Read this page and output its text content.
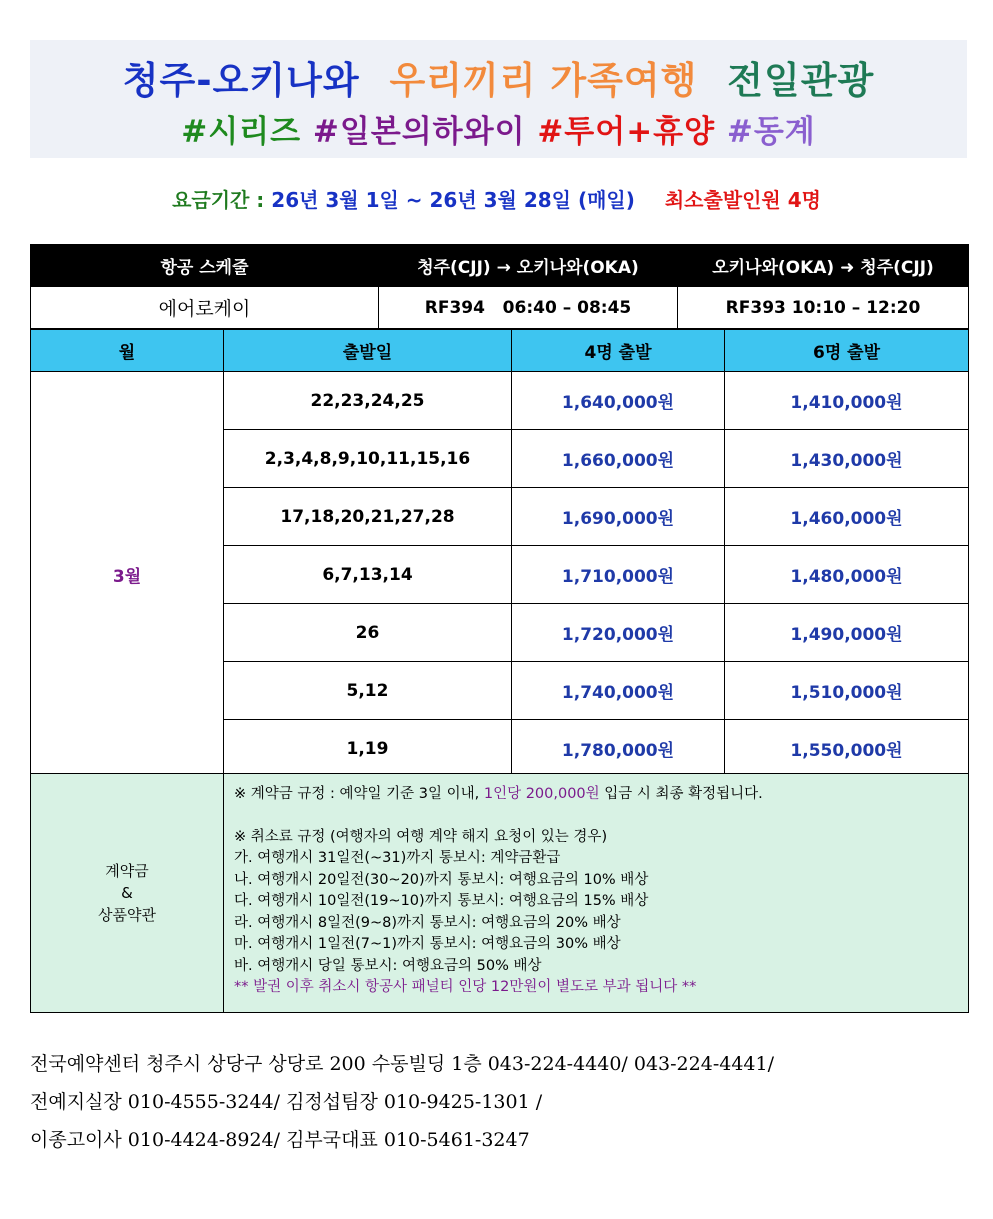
청주-오키나와 우리끼리 가족여행 전일관광
#시리즈 #일본의하와이 #투어+휴양 #동계
요금기간 : 26년 3월 1일 ~ 26년 3월 28일 (매일) 최소출발인원 4명
항공 스케줄	청주(CJJ) → 오키나와(OKA)	오키나와(OKA) ➜ 청주(CJJ)
에어로케이	RF394   06:40 – 08:45	RF393 10:10 – 12:20
월	출발일	4명 출발	6명 출발
3월	22,23,24,25	1,640,000원	1,410,000원
	2,3,4,8,9,10,11,15,16	1,660,000원	1,430,000원
	17,18,20,21,27,28	1,690,000원	1,460,000원
	6,7,13,14	1,710,000원	1,480,000원
	26	1,720,000원	1,490,000원
	5,12	1,740,000원	1,510,000원
	1,19	1,780,000원	1,550,000원
계약금
&
상품약관

※ 계약금 규정 : 예약일 기준 3일 이내, 1인당 200,000원 입금 시 최종 확정됩니다.
※ 취소료 규정 (여행자의 여행 계약 해지 요청이 있는 경우)
가. 여행개시 31일전(~31)까지 통보시: 계약금환급
나. 여행개시 20일전(30~20)까지 통보시: 여행요금의 10% 배상
다. 여행개시 10일전(19~10)까지 통보시: 여행요금의 15% 배상
라. 여행개시 8일전(9~8)까지 통보시: 여행요금의 20% 배상
마. 여행개시 1일전(7~1)까지 통보시: 여행요금의 30% 배상
바. 여행개시 당일 통보시: 여행요금의 50% 배상
** 발권 이후 취소시 항공사 패널티 인당 12만원이 별도로 부과 됩니다 **
전국예약센터 청주시 상당구 상당로 200 수동빌딩 1층 043-224-4440/ 043-224-4441/
전예지실장 010-4555-3244/ 김정섭팀장 010-9425-1301 /
이종고이사 010-4424-8924/ 김부국대표 010-5461-3247
